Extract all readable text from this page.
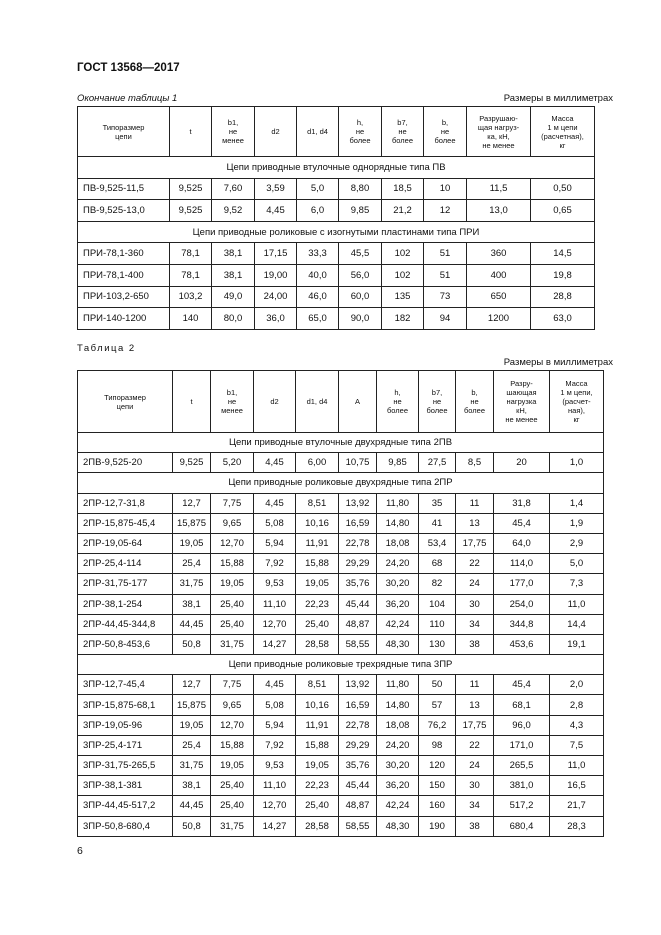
ГОСТ 13568—2017
Окончание таблицы 1	Размеры в миллиметрах
Типоразмер
цепи	t	b1,
не
менее	d2	d1, d4	h,
не
более	b7,
не
более	b,
не
более	Разрушаю-
щая нагруз-
ка, кН,
не менее	Масса
1 м цепи
(расчетная),
кг

Цепи приводные втулочные однорядные типа ПВ									
ПВ-9,525-11,5	9,525	7,60	3,59	5,0	8,80	18,5	10	11,5	0,50
ПВ-9,525-13,0	9,525	9,52	4,45	6,0	9,85	21,2	12	13,0	0,65
Цепи приводные роликовые с изогнутыми пластинами типа ПРИ									
ПРИ-78,1-360	78,1	38,1	17,15	33,3	45,5	102	51	360	14,5
ПРИ-78,1-400	78,1	38,1	19,00	40,0	56,0	102	51	400	19,8
ПРИ-103,2-650	103,2	49,0	24,00	46,0	60,0	135	73	650	28,8
ПРИ-140-1200	140	80,0	36,0	65,0	90,0	182	94	1200	63,0
Таблица 2
Размеры в миллиметрах
Типоразмер
цепи	t	b1,
не
менее	d2	d1, d4	A	h,
не
более	b7,
не
более	b,
не
более	Разру-
шающая
нагрузка
кН,
не менее	Масса
1 м цепи,
(расчет-
ная),
кг

Цепи приводные втулочные двухрядные типа 2ПВ										
2ПВ-9,525-20	9,525	5,20	4,45	6,00	10,75	9,85	27,5	8,5	20	1,0
Цепи приводные роликовые двухрядные типа 2ПР										
2ПР-12,7-31,8	12,7	7,75	4,45	8,51	13,92	11,80	35	11	31,8	1,4
2ПР-15,875-45,4	15,875	9,65	5,08	10,16	16,59	14,80	41	13	45,4	1,9
2ПР-19,05-64	19,05	12,70	5,94	11,91	22,78	18,08	53,4	17,75	64,0	2,9
2ПР-25,4-114	25,4	15,88	7,92	15,88	29,29	24,20	68	22	114,0	5,0
2ПР-31,75-177	31,75	19,05	9,53	19,05	35,76	30,20	82	24	177,0	7,3
2ПР-38,1-254	38,1	25,40	11,10	22,23	45,44	36,20	104	30	254,0	11,0
2ПР-44,45-344,8	44,45	25,40	12,70	25,40	48,87	42,24	110	34	344,8	14,4
2ПР-50,8-453,6	50,8	31,75	14,27	28,58	58,55	48,30	130	38	453,6	19,1
Цепи приводные роликовые трехрядные типа 3ПР										
3ПР-12,7-45,4	12,7	7,75	4,45	8,51	13,92	11,80	50	11	45,4	2,0
3ПР-15,875-68,1	15,875	9,65	5,08	10,16	16,59	14,80	57	13	68,1	2,8
3ПР-19,05-96	19,05	12,70	5,94	11,91	22,78	18,08	76,2	17,75	96,0	4,3
3ПР-25,4-171	25,4	15,88	7,92	15,88	29,29	24,20	98	22	171,0	7,5
3ПР-31,75-265,5	31,75	19,05	9,53	19,05	35,76	30,20	120	24	265,5	11,0
3ПР-38,1-381	38,1	25,40	11,10	22,23	45,44	36,20	150	30	381,0	16,5
3ПР-44,45-517,2	44,45	25,40	12,70	25,40	48,87	42,24	160	34	517,2	21,7
3ПР-50,8-680,4	50,8	31,75	14,27	28,58	58,55	48,30	190	38	680,4	28,3
6
